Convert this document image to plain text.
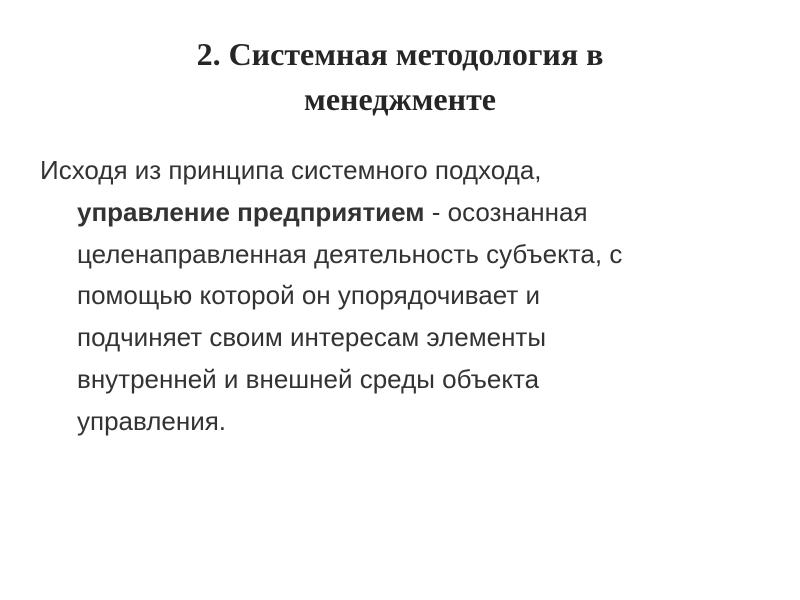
2. Системная методология в
менеджменте

Исходя из принципа системного подхода,
управление предприятием - осознанная
целенаправленная деятельность субъекта, с
помощью которой он упорядочивает и
подчиняет своим интересам элементы
внутренней и внешней среды объекта
управления.
